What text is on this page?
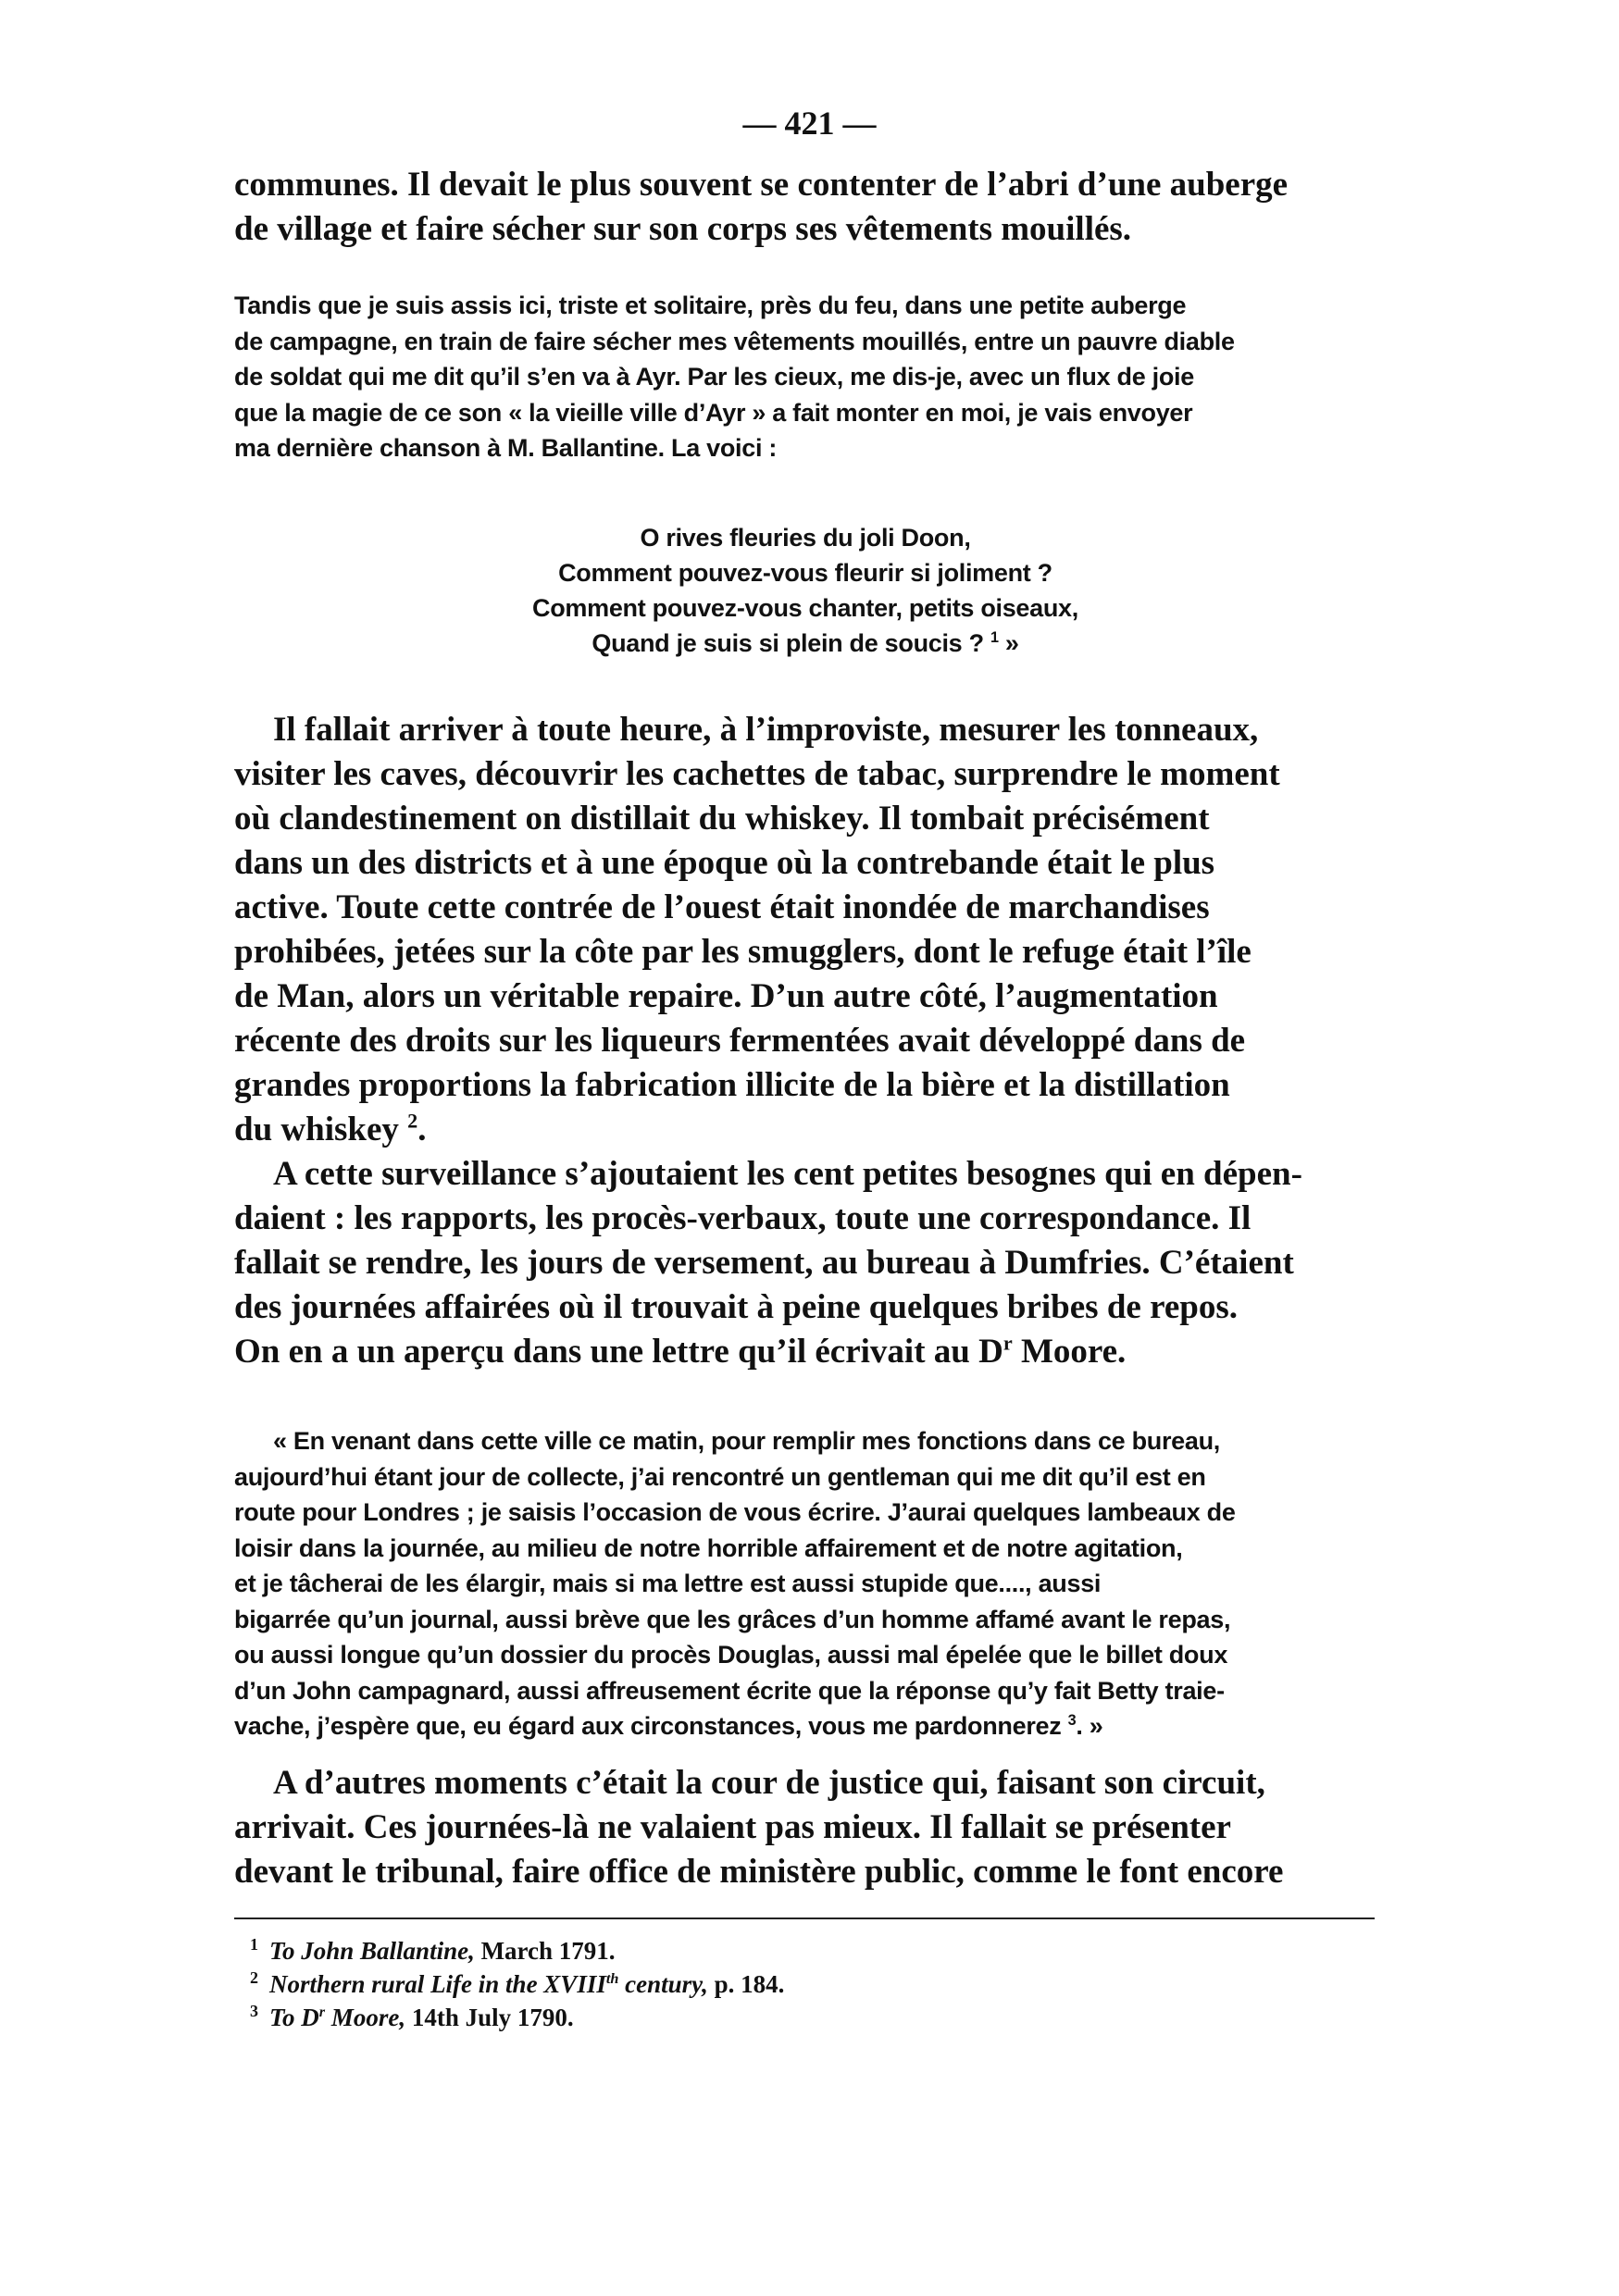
— 421 —

communes. Il devait le plus souvent se contenter de l’abri d’une auberge

de village et faire sécher sur son corps ses vêtements mouillés.

Tandis que je suis assis ici, triste et solitaire, près du feu, dans une petite auberge

de campagne, en train de faire sécher mes vêtements mouillés, entre un pauvre diable

de soldat qui me dit qu’il s’en va à Ayr. Par les cieux, me dis-je, avec un flux de joie

que la magie de ce son « la vieille ville d’Ayr » a fait monter en moi, je vais envoyer

ma dernière chanson à M. Ballantine. La voici :

O rives fleuries du joli Doon,
Comment pouvez-vous fleurir si joliment ?
Comment pouvez-vous chanter, petits oiseaux,
Quand je suis si plein de soucis ? $^1$ »

Il fallait arriver à toute heure, à l’improviste, mesurer les tonneaux,

visiter les caves, découvrir les cachettes de tabac, surprendre le moment

où clandestinement on distillait du whiskey. Il tombait précisément

dans un des districts et à une époque où la contrebande était le plus

active. Toute cette contrée de l’ouest était inondée de marchandises

prohibées, jetées sur la côte par les smugglers, dont le refuge était l’île

de Man, alors un véritable repaire. D’un autre côté, l’augmentation

récente des droits sur les liqueurs fermentées avait développé dans de

grandes proportions la fabrication illicite de la bière et la distillation

du whiskey $^2$.

A cette surveillance s’ajoutaient les cent petites besognes qui en dépen-

daient : les rapports, les procès-verbaux, toute une correspondance. Il

fallait se rendre, les jours de versement, au bureau à Dumfries. C’étaient

des journées affairées où il trouvait à peine quelques bribes de repos.

On en a un aperçu dans une lettre qu’il écrivait au $D^r$ Moore.

« En venant dans cette ville ce matin, pour remplir mes fonctions dans ce bureau,

aujourd’hui étant jour de collecte, j’ai rencontré un gentleman qui me dit qu’il est en

route pour Londres ; je saisis l’occasion de vous écrire. J’aurai quelques lambeaux de

loisir dans la journée, au milieu de notre horrible affairement et de notre agitation,

et je tâcherai de les élargir, mais si ma lettre est aussi stupide que...., aussi

bigarrée qu’un journal, aussi brève que les grâces d’un homme affamé avant le repas,

ou aussi longue qu’un dossier du procès Douglas, aussi mal épelée que le billet doux

d’un John campagnard, aussi affreusement écrite que la réponse qu’y fait Betty traie-

vache, j’espère que, eu égard aux circonstances, vous me pardonnerez $^3$. »

A d’autres moments c’était la cour de justice qui, faisant son circuit,

arrivait. Ces journées-là ne valaient pas mieux. Il fallait se présenter

devant le tribunal, faire office de ministère public, comme le font encore

$^1$ To John Ballantine, March 1791.
$^2$ Northern rural Life in the XVIIIth century, p. 184.
$^3$ To $D^r$ Moore, 14th July 1790.
